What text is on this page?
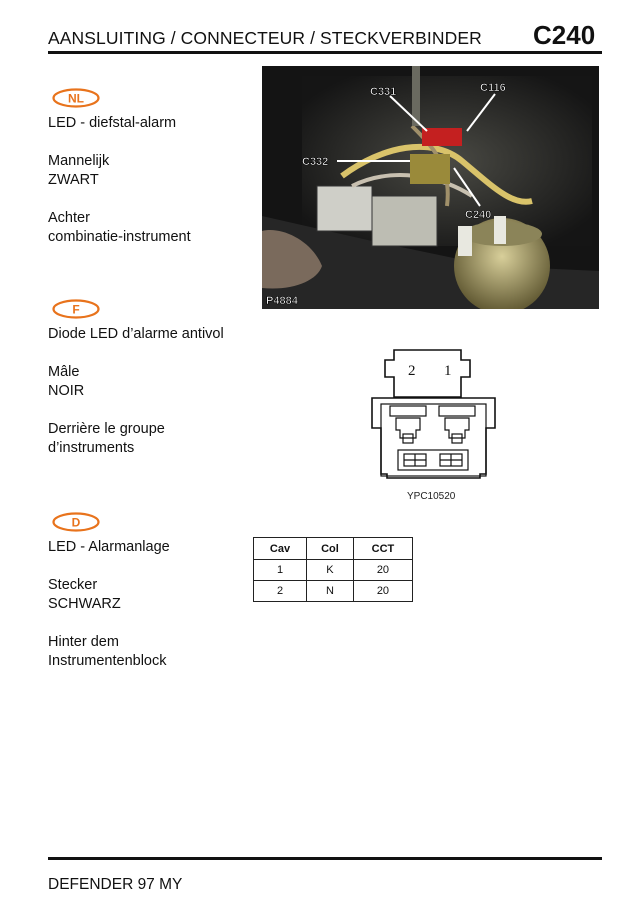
AANSLUITING / CONNECTEUR / STECKVERBINDER C240
NL

LED - diefstal-alarm

Mannelijk

ZWART

Achter

combinatie-instrument

F

Diode LED d’alarme antivol

Mâle

NOIR

Derrière le groupe

d’instruments

D

LED - Alarmanlage

Stecker

SCHWARZ

Hinter dem

Instrumentenblock

C331	C116
C332
C240
P4884
2 1
YPC10520
Cav	Col	CCT
1	K	20
2	N	20
DEFENDER 97 MY
